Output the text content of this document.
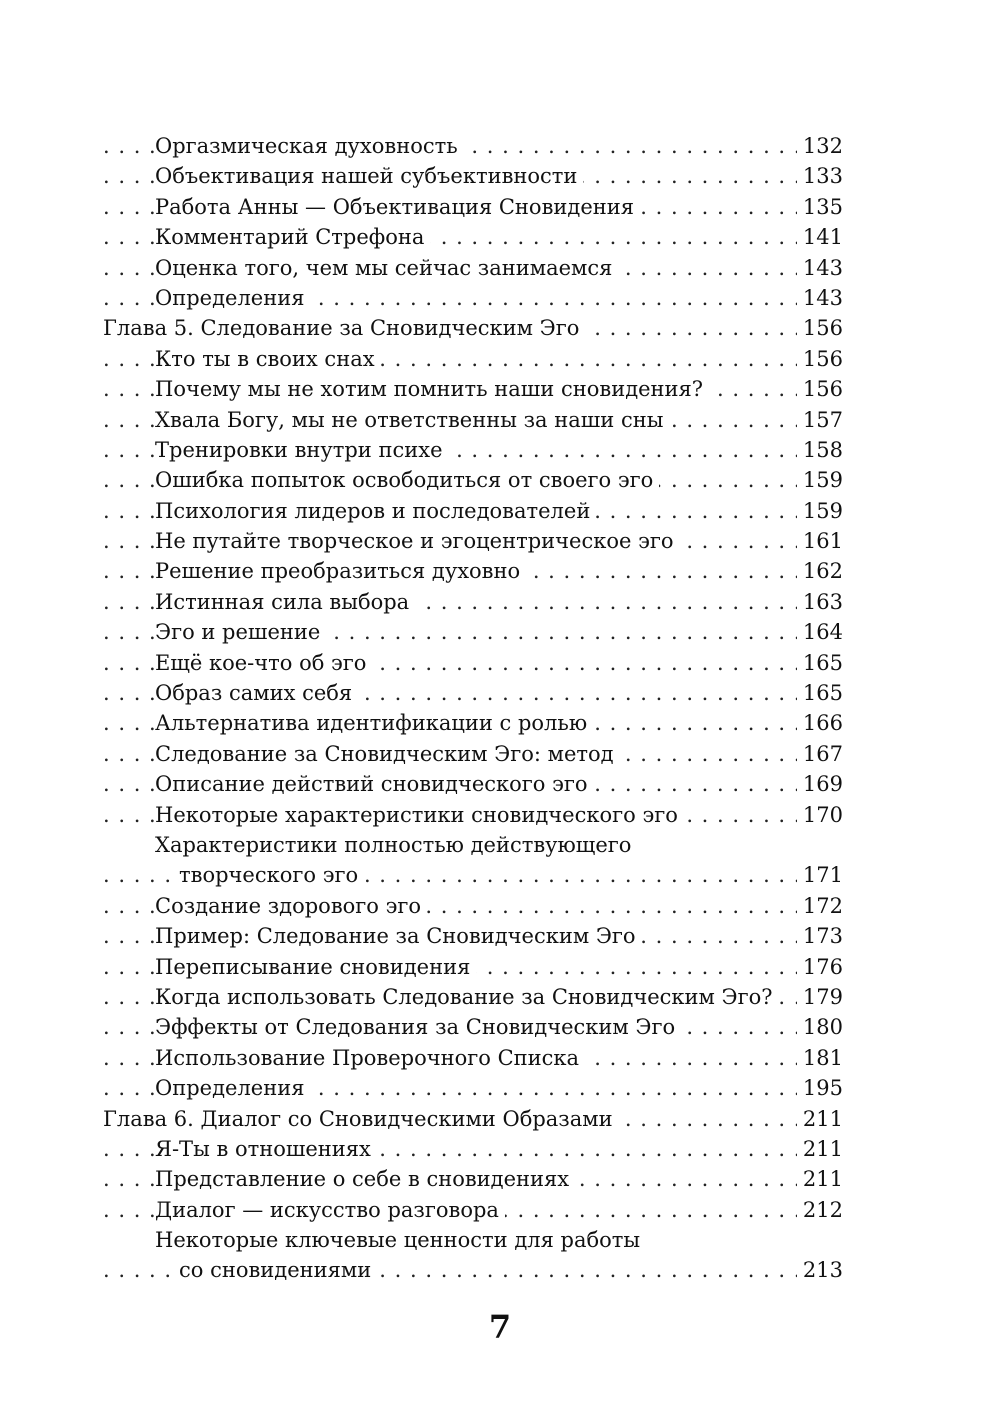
Оргазмическая духовность	132
. . .
Объективация нашей субъективности	133
. . .
Работа Анны — Объективация Сновидения	135
. . .
Комментарий Стрефона	141
. . .
Оценка того, чем мы сейчас занимаемся	143
. . .
Определения	143
. . .
Глава 5. Следование за Сновидческим Эго	156
. . .
Кто ты в своих снах	156
. . .
Почему мы не хотим помнить наши сновидения?	156
. . .
Хвала Богу, мы не ответственны за наши сны	157
. . .
Тренировки внутри психе	158
. . .
Ошибка попыток освободиться от своего эго	159
. . .
Психология лидеров и последователей	159
. . .
Не путайте творческое и эгоцентрическое эго	161
. . .
Решение преобразиться духовно	162
. . .
Истинная сила выбора	163
. . .
Эго и решение	164
. . .
Ещё кое-что об эго	165
. . .
Образ самих себя	165
. . .
Альтернатива идентификации с ролью	166
. . .
Следование за Сновидческим Эго: метод	167
. . .
Описание действий сновидческого эго	169
. . .
Некоторые характеристики сновидческого эго	170
. . .
Характеристики полностью действующего
творческого эго	171
. . .
Создание здорового эго	172
. . .
Пример: Следование за Сновидческим Эго	173
. . .
Переписывание сновидения	176
. . .
Когда использовать Следование за Сновидческим Эго? 179
. . .
Эффекты от Следования за Сновидческим Эго	180
. . .
Использование Проверочного Списка	181
. . .
Определения	195
. . .
Глава 6. Диалог со Сновидческими Образами	211
. . .
Я-Ты в отношениях	211
. . .
Представление о себе в сновидениях	211
. . .
Диалог — искусство разговора	212
. . .
Некоторые ключевые ценности для работы
со сновидениями	213
. . .
7
